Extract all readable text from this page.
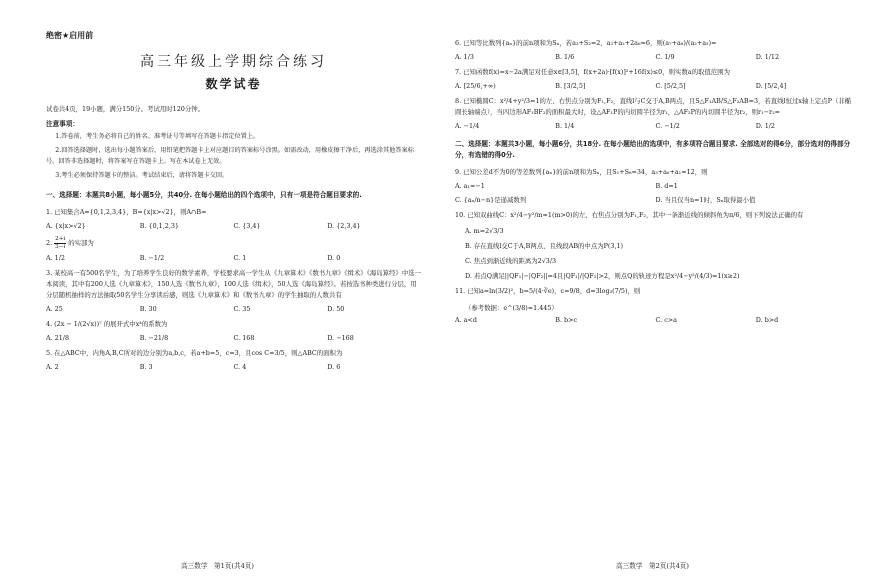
绝密★启用前
高三年级上学期综合练习
数学试卷
试卷共4页，19小题，满分150分。考试用时120分钟。
注意事项：

1.答卷前，考生务必将自己的姓名、准考证号等填写在答题卡指定位置上。

2.回答选择题时，选出每小题答案后，用铅笔把答题卡上对应题目的答案标号涂黑。如需改动，用橡皮擦干净后，再选涂其他答案标号。回答非选择题时，将答案写在答题卡上。写在本试卷上无效。

3.考生必须保持答题卡的整洁。考试结束后，请将答题卡交回。

一、选择题：本题共8小题，每小题5分，共40分. 在每小题给出的四个选项中，只有一项是符合题目要求的.
1. 已知集合A={0,1,2,3,4}，B={x|x>√2}，则A∩B=
A. {x|x>√2}	B. {0,1,2,3}	C. {3,4}	D. {2,3,4}
2. $\frac{2+i}{3-i}$ 的实部为
A. 1/2	B. −1/2	C. 1	D. 0
3. 某校高一有500名学生，为了培养学生良好的数学素养，学校要求高一学生从《九章算术》《数书九章》《缉术》《海岛算经》中选一本阅读，其中有200人选《九章算术》，150人选《数书九章》，100人选《缉术》，50人选《海岛算经》。若按选书种类进行分层，用分层随机抽样的方法抽取50名学生分享读后感，则选《九章算术》和《数书九章》的学生抽取的人数共有
A. 25	B. 30	C. 35	D. 50
4. (2x − 1/(2√x))⁷ 的展开式中x⁴的系数为
A. 21/8	B. −21/8	C. 168	D. −168
5. 在△ABC中，内角A,B,C所对的边分别为a,b,c，若a+b=5，c=3，且cos C=3/5，则△ABC的面积为
A. 2	B. 3	C. 4	D. 6
高三数学　第1页(共4页)
6. 已知等比数列{aₙ}的前n项和为Sₙ，若a₃+S₂=2，a₃+a₂+2a₆=6，则(a₇+a₈)/(a₂+a₃)=
A. 1/3	B. 1/6	C. 1/9	D. 1/12
7. 已知函数f(x)=x−2a满足对任意x∈[3,5]，f(x+2a)·[f(x)]²+16f(x)≤0，则实数a的取值范围为
A. [25/6,+∞)	B. [3/2,5]	C. [5/2,5]	D. [5/2,4]
8. 已知椭圆C：x²/4+y²/3=1的左、右焦点分别为F₁,F₂，直线l与C交于A,B两点，且S△F₁AB/S△F₂AB=3，若直线l恒过x轴上定点P（非椭圆长轴端点），当四边形AF₁BF₂的面积最大时，设△AF₁P的内切圆半径为r₁，△AF₂P的内切圆半径为r₂，则r₁−r₂=
A. −1/4	B. 1/4	C. −1/2	D. 1/2
二、选择题：本题共3小题，每小题6分，共18分. 在每小题给出的选项中，有多项符合题目要求. 全部选对的得6分，部分选对的得部分分，有选错的得0分.
9. 已知公差d不为0的等差数列{aₙ}的前n项和为Sₙ，且S₁+S₈=34，a₃+a₆+a₁=12，则
A. a₁=−1	B. d=1
C. {aₙ/n−n}是递减数列	D. 当且仅当n=1时，Sₙ取得最小值
10. 已知双曲线C：x²/4−y²/m=1(m>0)的左、右焦点分别为F₁,F₂，其中一条渐近线的倾斜角为π/6，则下列说法正确的有
A. m=2√3/3
B. 存在直线l交C于A,B两点，且线段AB的中点为P(3,1)
C. 焦点到渐近线的距离为2√3/3
D. 若点Q满足||QF₁|−|QF₂||=4且|QF₁|/|QF₂|>2，则点Q的轨迹方程是x²/4−y²/(4/3)=1(x≥2)
11. 已知a=ln(3/2)²，b=5/(4·∛e)，c=9/8，d=3log₃(7/5)，则
（参考数据：e^(3/8)≈1.445）
A. a<d	B. b>c	C. c>a	D. b>d
高三数学　第2页(共4页)
